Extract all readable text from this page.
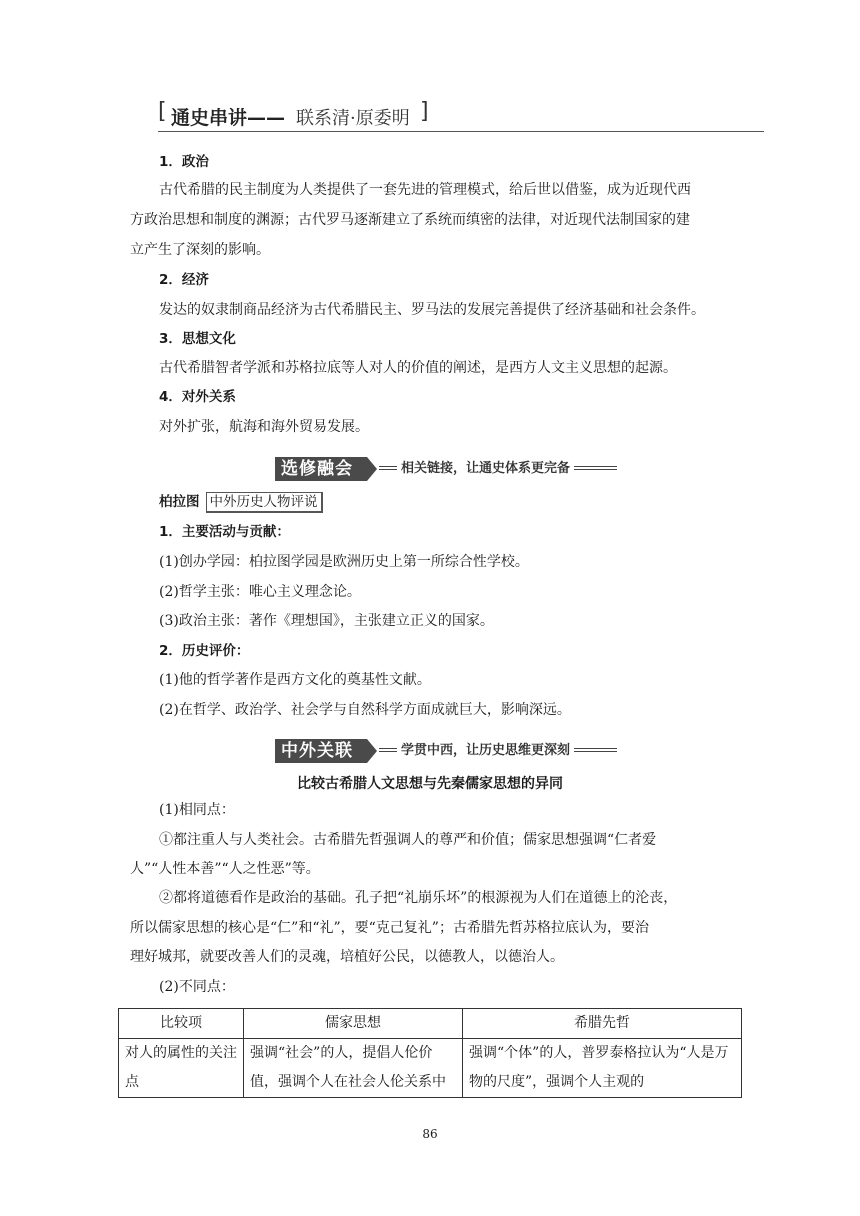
[ 通史串讲—— 联系清·原委明 ]
1．政治
古代希腊的民主制度为人类提供了一套先进的管理模式，给后世以借鉴，成为近现代西
方政治思想和制度的渊源；古代罗马逐渐建立了系统而缜密的法律，对近现代法制国家的建
立产生了深刻的影响。
2．经济
发达的奴隶制商品经济为古代希腊民主、罗马法的发展完善提供了经济基础和社会条件。
3．思想文化
古代希腊智者学派和苏格拉底等人对人的价值的阐述，是西方人文主义思想的起源。
4．对外关系
对外扩张，航海和海外贸易发展。
选修融会	相关链接，让通史体系更完备
柏拉图 中外历史人物评说
1．主要活动与贡献：
(1)创办学园：柏拉图学园是欧洲历史上第一所综合性学校。
(2)哲学主张：唯心主义理念论。
(3)政治主张：著作《理想国》，主张建立正义的国家。
2．历史评价：
(1)他的哲学著作是西方文化的奠基性文献。
(2)在哲学、政治学、社会学与自然科学方面成就巨大，影响深远。
中外关联	学贯中西，让历史思维更深刻
比较古希腊人文思想与先秦儒家思想的异同
(1)相同点：
①都注重人与人类社会。古希腊先哲强调人的尊严和价值；儒家思想强调“仁者爱
人”“人性本善”“人之性恶”等。
②都将道德看作是政治的基础。孔子把“礼崩乐坏”的根源视为人们在道德上的沦丧，
所以儒家思想的核心是“仁”和“礼”，要“克己复礼”；古希腊先哲苏格拉底认为，要治
理好城邦，就要改善人们的灵魂，培植好公民，以德教人，以德治人。
(2)不同点：
比较项	儒家思想	希腊先哲
对人的属性的关注点	强调“社会”的人，提倡人伦价值，强调个人在社会人伦关系中	强调“个体”的人，普罗泰格拉认为“人是万物的尺度”，强调个人主观的
86
